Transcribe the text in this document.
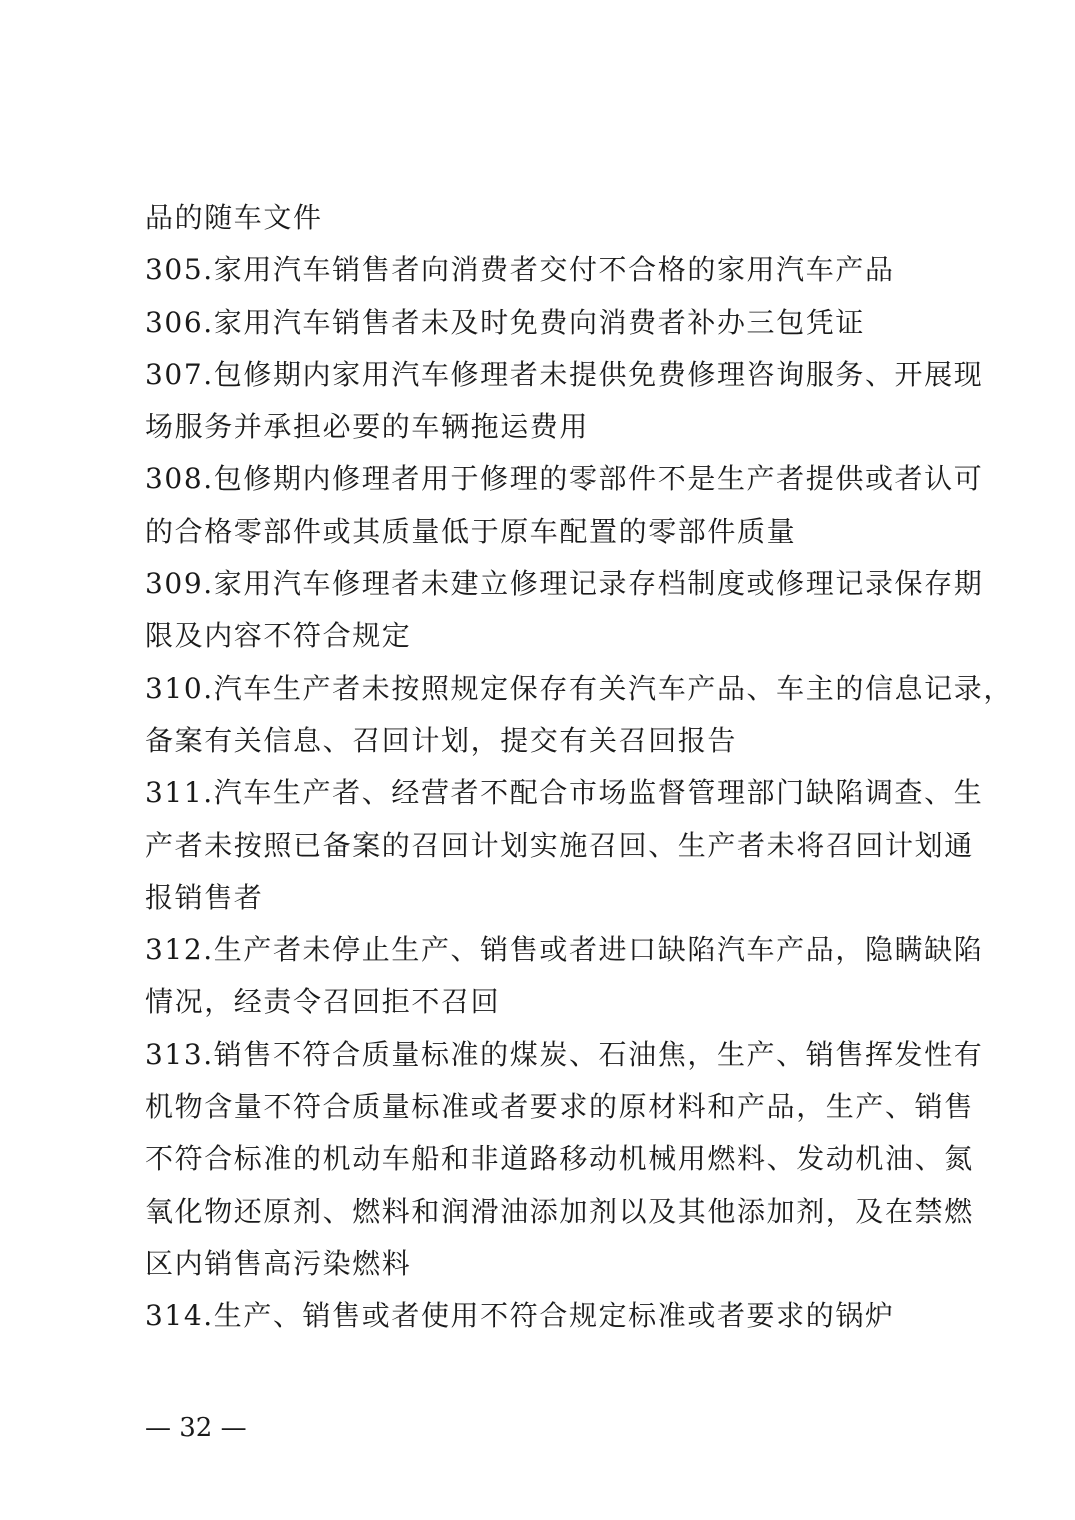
品的随车文件
305.家用汽车销售者向消费者交付不合格的家用汽车产品
306.家用汽车销售者未及时免费向消费者补办三包凭证
307.包修期内家用汽车修理者未提供免费修理咨询服务、开展现
场服务并承担必要的车辆拖运费用
308.包修期内修理者用于修理的零部件不是生产者提供或者认可
的合格零部件或其质量低于原车配置的零部件质量
309.家用汽车修理者未建立修理记录存档制度或修理记录保存期
限及内容不符合规定
310.汽车生产者未按照规定保存有关汽车产品、车主的信息记录，
备案有关信息、召回计划，提交有关召回报告
311.汽车生产者、经营者不配合市场监督管理部门缺陷调查、生
产者未按照已备案的召回计划实施召回、生产者未将召回计划通
报销售者
312.生产者未停止生产、销售或者进口缺陷汽车产品，隐瞒缺陷
情况，经责令召回拒不召回
313.销售不符合质量标准的煤炭、石油焦，生产、销售挥发性有
机物含量不符合质量标准或者要求的原材料和产品，生产、销售
不符合标准的机动车船和非道路移动机械用燃料、发动机油、氮
氧化物还原剂、燃料和润滑油添加剂以及其他添加剂，及在禁燃
区内销售高污染燃料
314.生产、销售或者使用不符合规定标准或者要求的锅炉
— 32 —
